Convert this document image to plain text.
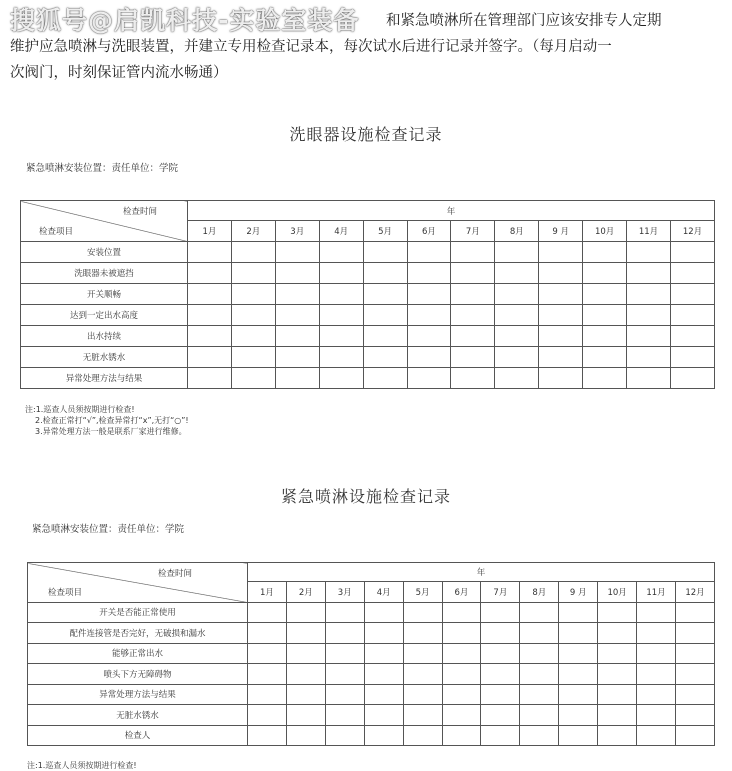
和紧急喷淋所在管理部门应该安排专人定期
维护应急喷淋与洗眼装置，并建立专用检查记录本，每次试水后进行记录并签字。（每月启动一
次阀门，时刻保证管内流水畅通）
搜狐号@启凯科技-实验室装备
洗眼器设施检查记录
紧急喷淋安装位置：责任单位：学院
检查时间
检查项目	年											
	1月	2月	3月	4月	5月	6月	7月	8月	9 月	10月	11月	12月
安装位置												
洗眼器未被遮挡												
开关顺畅												
达到一定出水高度												
出水持续												
无脏水锈水												
异常处理方法与结果												
注:1.巡查人员须按期进行检查!
2.检查正常打“√”,检查异常打“x”,无打“○”!
3.异常处理方法一般是联系厂家进行维修。
紧急喷淋设施检查记录
紧急喷淋安装位置：责任单位：学院
检查时间
检查项目	年											
	1月	2月	3月	4月	5月	6月	7月	8月	9 月	10月	11月	12月
开关是否能正常使用												
配件连接管是否完好，无破损和漏水												
能够正常出水												
喷头下方无障碍物												
异常处理方法与结果												
无脏水锈水												
检查人												
注:1.巡查人员须按期进行检查!
